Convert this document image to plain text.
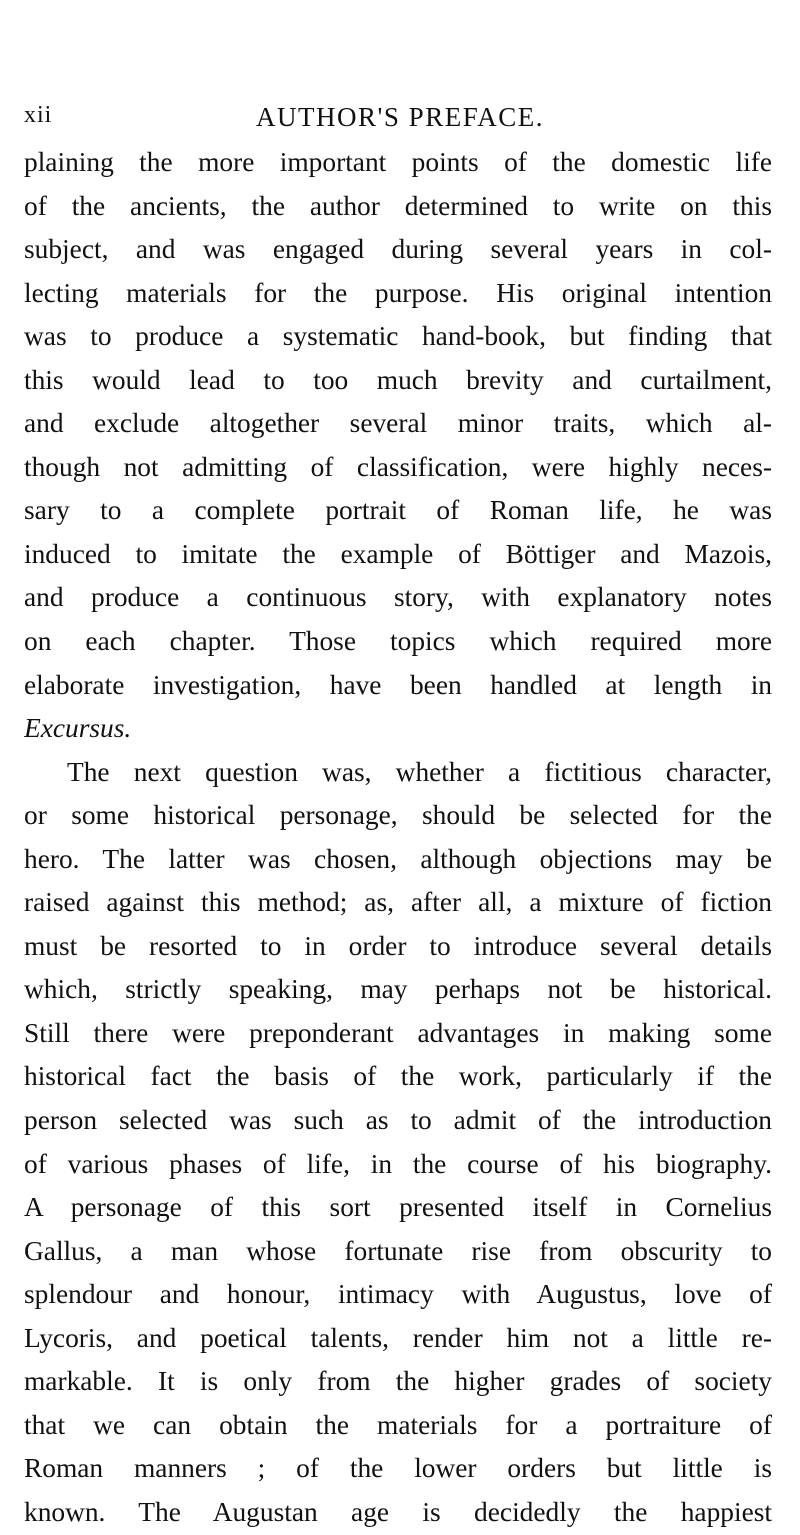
xii	AUTHOR'S PREFACE.
plaining the more important points of the domestic life
of the ancients, the author determined to write on this
subject, and was engaged during several years in col-
lecting materials for the purpose. His original intention
was to produce a systematic hand-book, but finding that
this would lead to too much brevity and curtailment,
and exclude altogether several minor traits, which al-
though not admitting of classification, were highly neces-
sary to a complete portrait of Roman life, he was
induced to imitate the example of Böttiger and Mazois,
and produce a continuous story, with explanatory notes
on each chapter. Those topics which required more
elaborate investigation, have been handled at length in
Excursus.
The next question was, whether a fictitious character,
or some historical personage, should be selected for the
hero. The latter was chosen, although objections may be
raised against this method; as, after all, a mixture of fiction
must be resorted to in order to introduce several details
which, strictly speaking, may perhaps not be historical.
Still there were preponderant advantages in making some
historical fact the basis of the work, particularly if the
person selected was such as to admit of the introduction
of various phases of life, in the course of his biography.
A personage of this sort presented itself in Cornelius
Gallus, a man whose fortunate rise from obscurity to
splendour and honour, intimacy with Augustus, love of
Lycoris, and poetical talents, render him not a little re-
markable. It is only from the higher grades of society
that we can obtain the materials for a portraiture of
Roman manners ; of the lower orders but little is
known. The Augustan age is decidedly the happiest
